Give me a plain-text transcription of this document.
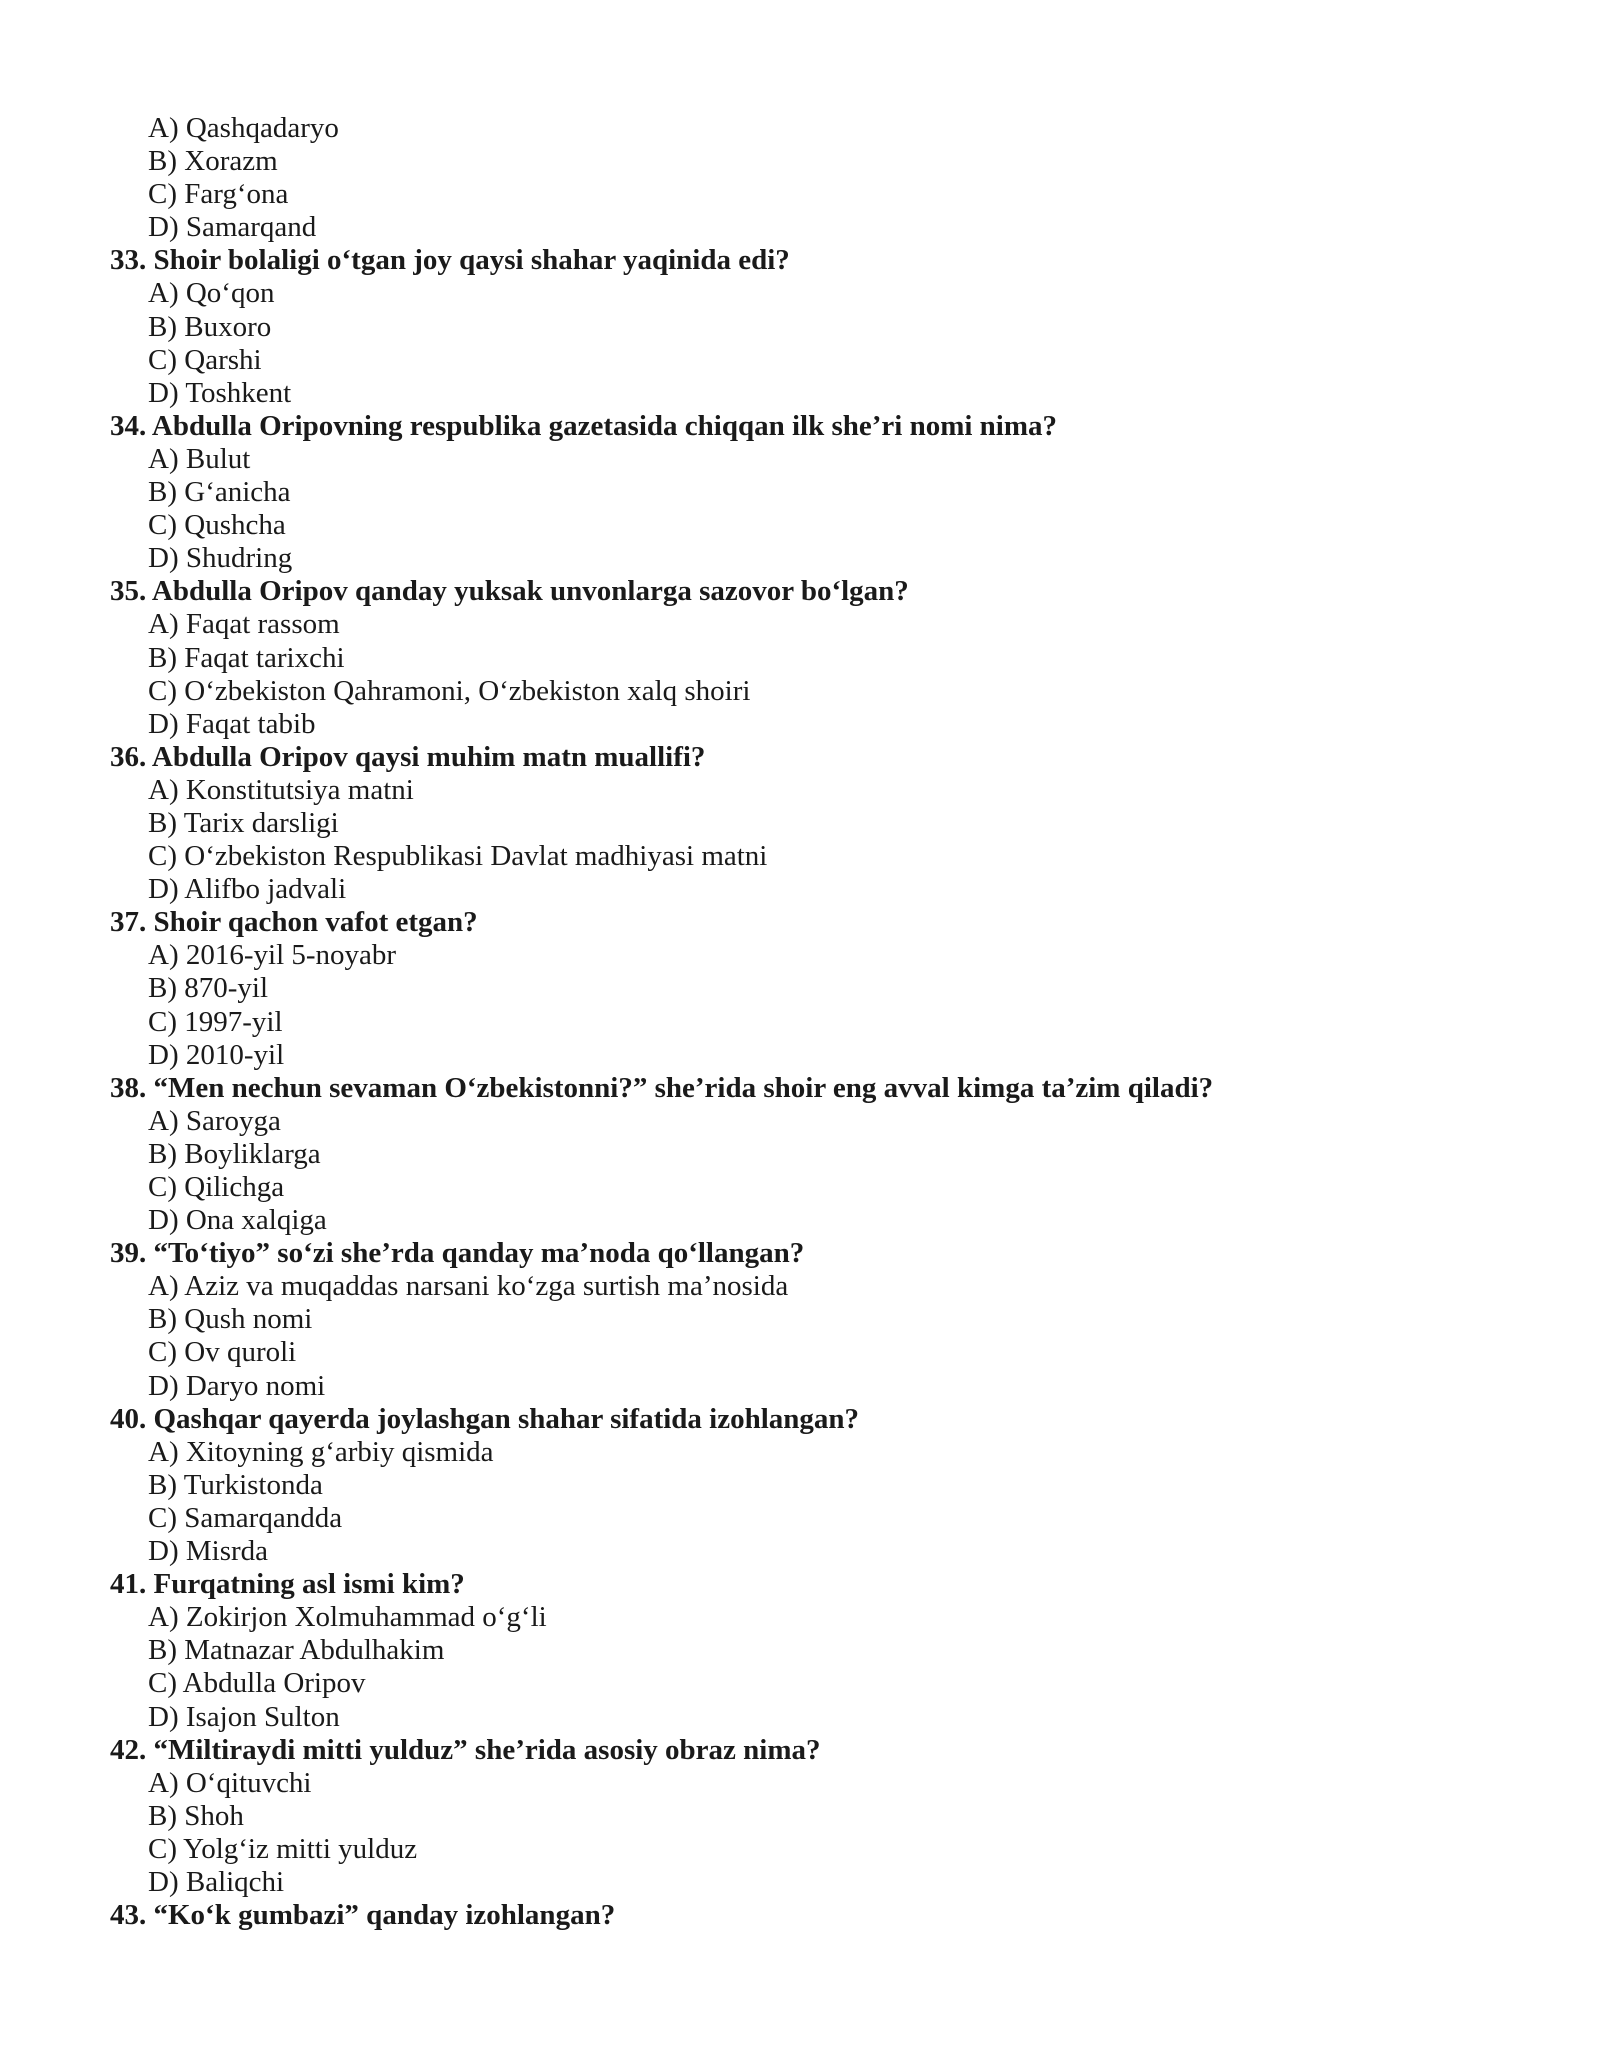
A) Qashqadaryo
B) Xorazm
C) Farg‘ona
D) Samarqand
33. Shoir bolaligi o‘tgan joy qaysi shahar yaqinida edi?
A) Qo‘qon
B) Buxoro
C) Qarshi
D) Toshkent
34. Abdulla Oripovning respublika gazetasida chiqqan ilk she’ri nomi nima?
A) Bulut
B) G‘anicha
C) Qushcha
D) Shudring
35. Abdulla Oripov qanday yuksak unvonlarga sazovor bo‘lgan?
A) Faqat rassom
B) Faqat tarixchi
C) O‘zbekiston Qahramoni, O‘zbekiston xalq shoiri
D) Faqat tabib
36. Abdulla Oripov qaysi muhim matn muallifi?
A) Konstitutsiya matni
B) Tarix darsligi
C) O‘zbekiston Respublikasi Davlat madhiyasi matni
D) Alifbo jadvali
37. Shoir qachon vafot etgan?
A) 2016-yil 5-noyabr
B) 870-yil
C) 1997-yil
D) 2010-yil
38. “Men nechun sevaman O‘zbekistonni?” she’rida shoir eng avval kimga ta’zim qiladi?
A) Saroyga
B) Boyliklarga
C) Qilichga
D) Ona xalqiga
39. “To‘tiyo” so‘zi she’rda qanday ma’noda qo‘llangan?
A) Aziz va muqaddas narsani ko‘zga surtish ma’nosida
B) Qush nomi
C) Ov quroli
D) Daryo nomi
40. Qashqar qayerda joylashgan shahar sifatida izohlangan?
A) Xitoyning g‘arbiy qismida
B) Turkistonda
C) Samarqandda
D) Misrda
41. Furqatning asl ismi kim?
A) Zokirjon Xolmuhammad o‘g‘li
B) Matnazar Abdulhakim
C) Abdulla Oripov
D) Isajon Sulton
42. “Miltiraydi mitti yulduz” she’rida asosiy obraz nima?
A) O‘qituvchi
B) Shoh
C) Yolg‘iz mitti yulduz
D) Baliqchi
43. “Ko‘k gumbazi” qanday izohlangan?
